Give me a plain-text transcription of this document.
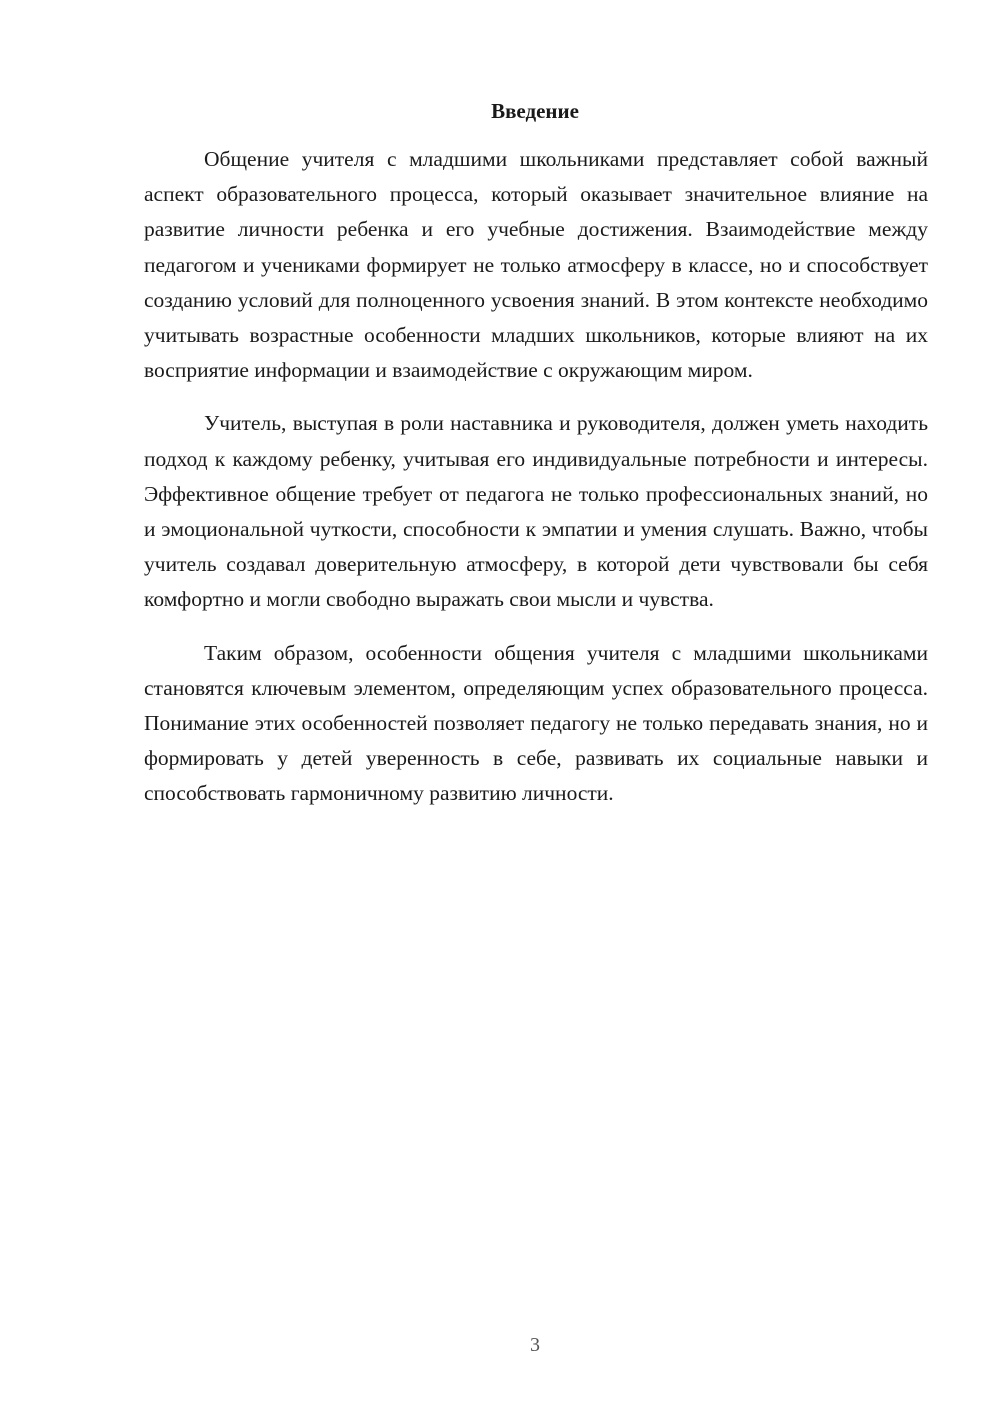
Введение

Общение учителя с младшими школьниками представляет собой важный аспект образовательного процесса, который оказывает значительное влияние на развитие личности ребенка и его учебные достижения. Взаимодействие между педагогом и учениками формирует не только атмосферу в классе, но и способствует созданию условий для полноценного усвоения знаний. В этом контексте необходимо учитывать возрастные особенности младших школьников, которые влияют на их восприятие информации и взаимодействие с окружающим миром.

Учитель, выступая в роли наставника и руководителя, должен уметь находить подход к каждому ребенку, учитывая его индивидуальные потребности и интересы. Эффективное общение требует от педагога не только профессиональных знаний, но и эмоциональной чуткости, способности к эмпатии и умения слушать. Важно, чтобы учитель создавал доверительную атмосферу, в которой дети чувствовали бы себя комфортно и могли свободно выражать свои мысли и чувства.

Таким образом, особенности общения учителя с младшими школьниками становятся ключевым элементом, определяющим успех образовательного процесса. Понимание этих особенностей позволяет педагогу не только передавать знания, но и формировать у детей уверенность в себе, развивать их социальные навыки и способствовать гармоничному развитию личности.

3
